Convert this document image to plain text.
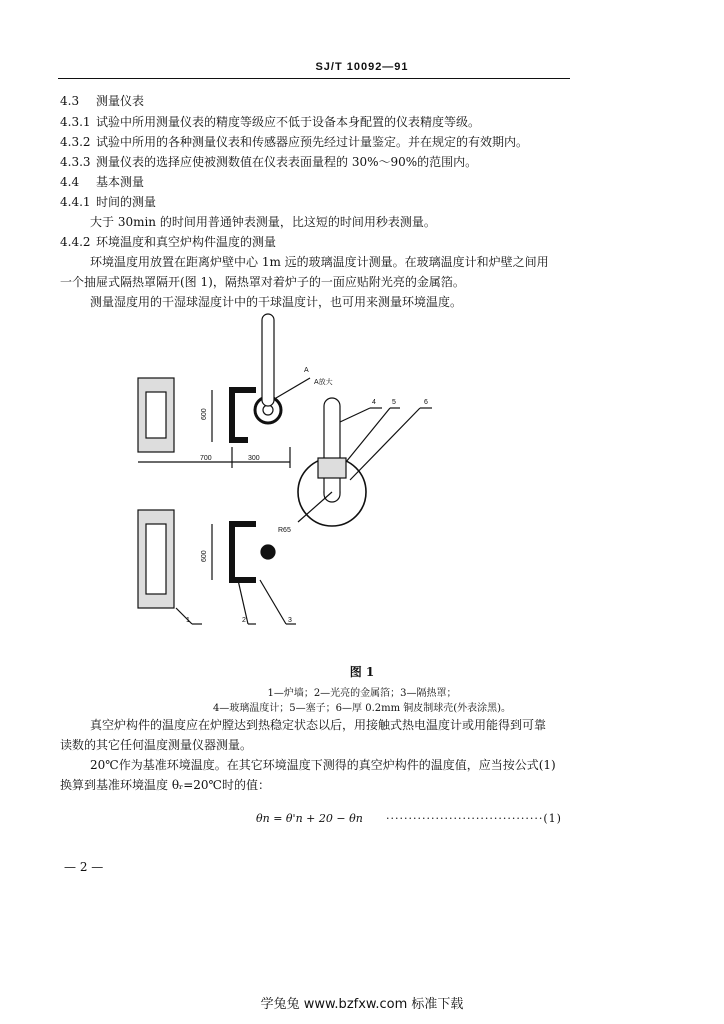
SJ/T 10092—91
4.3 测量仪表
4.3.1 试验中所用测量仪表的精度等级应不低于设备本身配置的仪表精度等级。
4.3.2 试验中所用的各种测量仪表和传感器应预先经过计量鉴定。并在规定的有效期内。
4.3.3 测量仪表的选择应使被测数值在仪表表面量程的 30%～90%的范围内。
4.4 基本测量
4.4.1 时间的测量
大于 30min 的时间用普通钟表测量，比这短的时间用秒表测量。
4.4.2 环境温度和真空炉构件温度的测量
环境温度用放置在距离炉壁中心 1m 远的玻璃温度计测量。在玻璃温度计和炉壁之间用
一个抽屉式隔热罩隔开(图 1)，隔热罩对着炉子的一面应贴附光亮的金属箔。
测量湿度用的干湿球湿度计中的干球温度计，也可用来测量环境温度。
A
A放大
600
700	300
600
R65
1	2	3
4 5	6
图 1
1—炉墙；2—光亮的金属箔；3—隔热罩；
4—玻璃温度计；5—塞子；6—厚 0.2mm 铜皮制球壳(外表涂黑)。
真空炉构件的温度应在炉膛达到热稳定状态以后，用接触式热电温度计或用能得到可靠
读数的其它任何温度测量仪器测量。
20℃作为基准环境温度。在其它环境温度下测得的真空炉构件的温度值，应当按公式(1)
换算到基准环境温度 θᵣ=20℃时的值：
θn = θ'n + 20 − θn ···································(1)
— 2 —
学兔兔 www.bzfxw.com 标准下载
